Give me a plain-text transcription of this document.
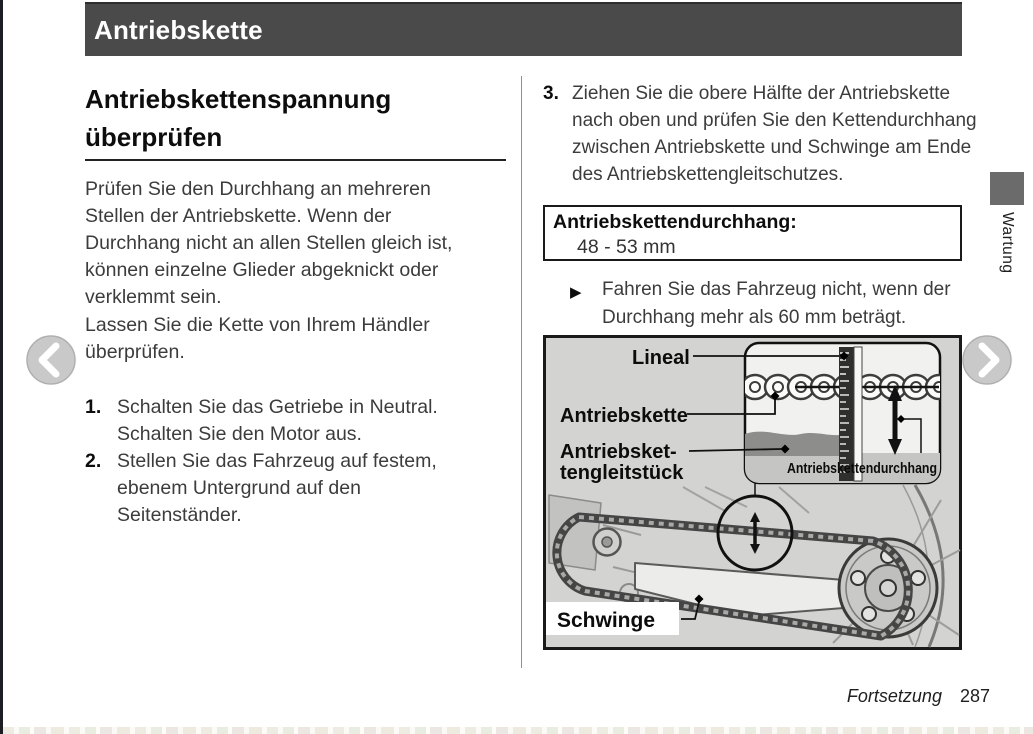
Antriebskette
Antriebskettenspannung
überprüfen
Prüfen Sie den Durchhang an mehreren
Stellen der Antriebskette. Wenn der
Durchhang nicht an allen Stellen gleich ist,
können einzelne Glieder abgeknickt oder
verklemmt sein.
Lassen Sie die Kette von Ihrem Händler
überprüfen.
1. Schalten Sie das Getriebe in Neutral.
Schalten Sie den Motor aus.
2. Stellen Sie das Fahrzeug auf festem,
ebenem Untergrund auf den
Seitenständer.
3. Ziehen Sie die obere Hälfte der Antriebskette
nach oben und prüfen Sie den Kettendurchhang
zwischen Antriebskette und Schwinge am Ende
des Antriebskettengleitschutzes.
Antriebskettendurchhang:
48 - 53 mm
▶ Fahren Sie das Fahrzeug nicht, wenn der
Durchhang mehr als 60 mm beträgt.
Antriebskettendurchhang
Lineal
Antriebskette
Antriebsket-
tengleitstück
Schwinge
Wartung
Fortsetzung 287
